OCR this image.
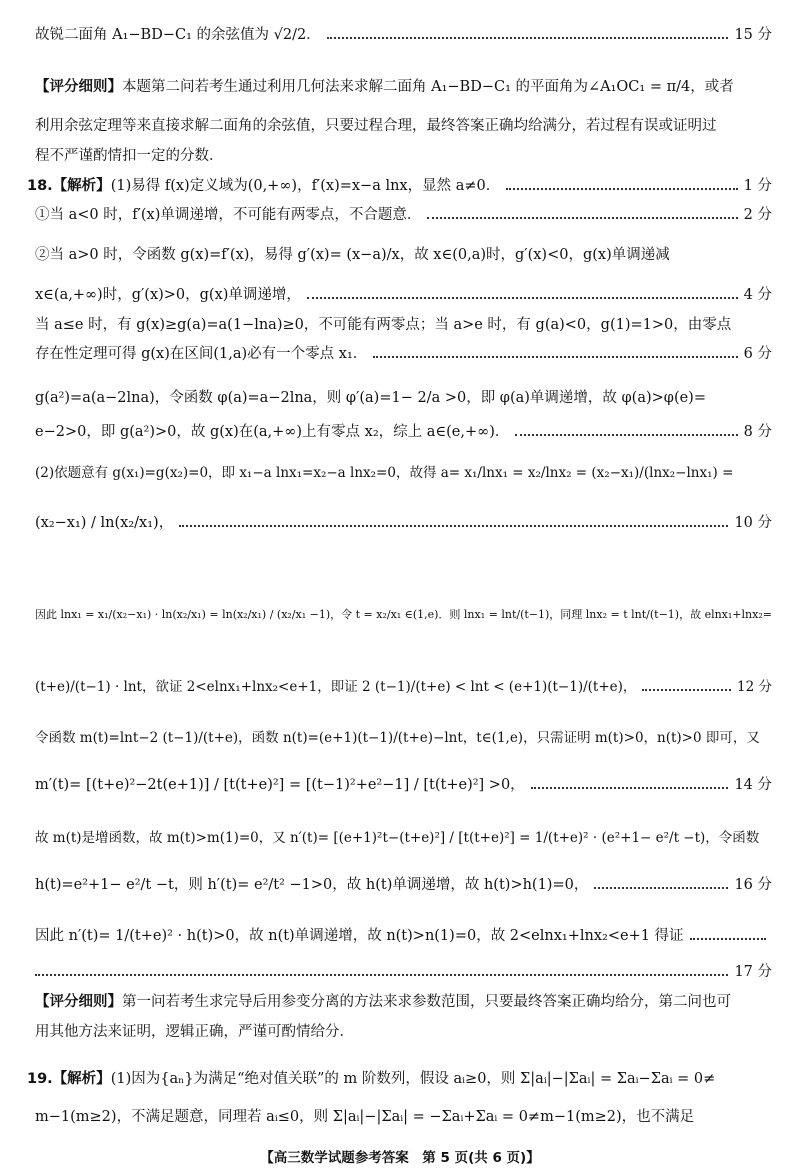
故锐二面角 A₁−BD−C₁ 的余弦值为 √2/2．	15 分
【评分细则】本题第二问若考生通过利用几何法来求解二面角 A₁−BD−C₁ 的平面角为∠A₁OC₁ = π/4，或者
利用余弦定理等来直接求解二面角的余弦值，只要过程合理，最终答案正确均给满分，若过程有误或证明过
程不严谨酌情扣一定的分数．
18.【解析】(1)易得 f(x)定义域为(0,+∞)，f′(x)=x−a lnx，显然 a≠0．	1 分
①当 a<0 时，f′(x)单调递增，不可能有两零点，不合题意．	2 分
②当 a>0 时，令函数 g(x)=f′(x)，易得 g′(x)= (x−a)/x，故 x∈(0,a)时，g′(x)<0，g(x)单调递减
x∈(a,+∞)时，g′(x)>0，g(x)单调递增，	4 分
当 a≤e 时，有 g(x)≥g(a)=a(1−lna)≥0，不可能有两零点；当 a>e 时，有 g(a)<0，g(1)=1>0，由零点
存在性定理可得 g(x)在区间(1,a)必有一个零点 x₁．	6 分
g(a²)=a(a−2lna)，令函数 φ(a)=a−2lna，则 φ′(a)=1− 2/a >0，即 φ(a)单调递增，故 φ(a)>φ(e)=
e−2>0，即 g(a²)>0，故 g(x)在(a,+∞)上有零点 x₂，综上 a∈(e,+∞)．	8 分
(2)依题意有 g(x₁)=g(x₂)=0，即 x₁−a lnx₁=x₂−a lnx₂=0，故得 a= x₁/lnx₁ = x₂/lnx₂ = (x₂−x₁)/(lnx₂−lnx₁) =
(x₂−x₁) / ln(x₂/x₁)，	10 分
因此 lnx₁ = x₁/(x₂−x₁) · ln(x₂/x₁) = ln(x₂/x₁) / (x₂/x₁ −1)，令 t = x₂/x₁ ∈(1,e)．则 lnx₁ = lnt/(t−1)，同理 lnx₂ = t lnt/(t−1)，故 elnx₁+lnx₂=
(t+e)/(t−1) · lnt，欲证 2<elnx₁+lnx₂<e+1，即证 2 (t−1)/(t+e) < lnt < (e+1)(t−1)/(t+e)，	12 分
令函数 m(t)=lnt−2 (t−1)/(t+e)，函数 n(t)=(e+1)(t−1)/(t+e)−lnt，t∈(1,e)，只需证明 m(t)>0，n(t)>0 即可，又
m′(t)= [(t+e)²−2t(e+1)] / [t(t+e)²] = [(t−1)²+e²−1] / [t(t+e)²] >0，	14 分
故 m(t)是增函数，故 m(t)>m(1)=0，又 n′(t)= [(e+1)²t−(t+e)²] / [t(t+e)²] = 1/(t+e)² · (e²+1− e²/t −t)，令函数
h(t)=e²+1− e²/t −t，则 h′(t)= e²/t² −1>0，故 h(t)单调递增，故 h(t)>h(1)=0，	16 分
因此 n′(t)= 1/(t+e)² · h(t)>0，故 n(t)单调递增，故 n(t)>n(1)=0，故 2<elnx₁+lnx₂<e+1 得证
17 分
【评分细则】第一问若考生求完导后用参变分离的方法来求参数范围，只要最终答案正确均给分，第二问也可
用其他方法来证明，逻辑正确，严谨可酌情给分．
19.【解析】(1)因为{aₙ}为满足“绝对值关联”的 m 阶数列，假设 aᵢ≥0，则 Σ|aᵢ|−|Σaᵢ| = Σaᵢ−Σaᵢ = 0≠
m−1(m≥2)，不满足题意，同理若 aᵢ≤0，则 Σ|aᵢ|−|Σaᵢ| = −Σaᵢ+Σaᵢ = 0≠m−1(m≥2)，也不满足
【高三数学试题参考答案　第 5 页(共 6 页)】
